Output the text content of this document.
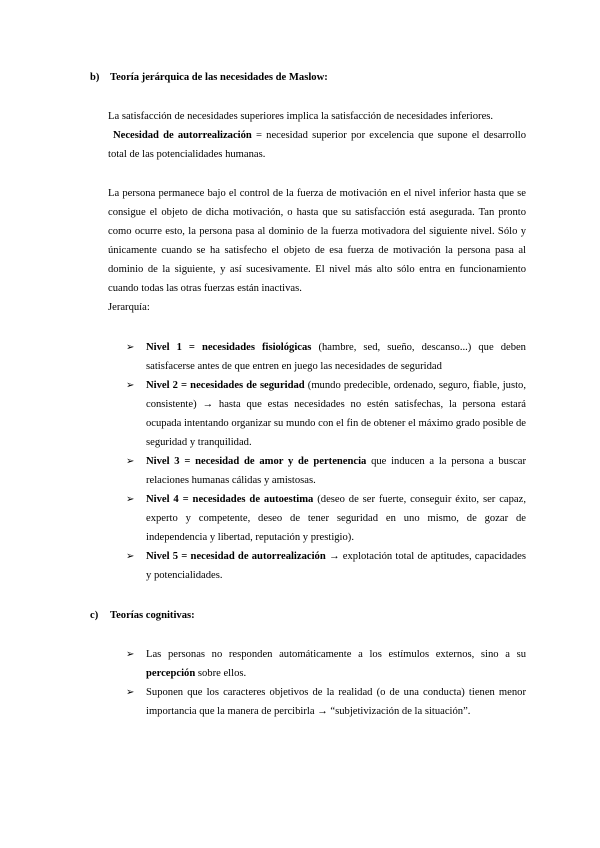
b) Teoría jerárquica de las necesidades de Maslow:

La satisfacción de necesidades superiores implica la satisfacción de necesidades inferiores.

Necesidad de autorrealización = necesidad superior por excelencia que supone el desarrollo total de las potencialidades humanas.

La persona permanece bajo el control de la fuerza de motivación en el nivel inferior hasta que se consigue el objeto de dicha motivación, o hasta que su satisfacción está asegurada. Tan pronto como ocurre esto, la persona pasa al dominio de la fuerza motivadora del siguiente nivel. Sólo y únicamente cuando se ha satisfecho el objeto de esa fuerza de motivación la persona pasa al dominio de la siguiente, y así sucesivamente. El nivel más alto sólo entra en funcionamiento cuando todas las otras fuerzas están inactivas.

Jerarquía:

➢ Nivel 1 = necesidades fisiológicas (hambre, sed, sueño, descanso...) que deben satisfacerse antes de que entren en juego las necesidades de seguridad
➢ Nivel 2 = necesidades de seguridad (mundo predecible, ordenado, seguro, fiable, justo, consistente) → hasta que estas necesidades no estén satisfechas, la persona estará ocupada intentando organizar su mundo con el fin de obtener el máximo grado posible de seguridad y tranquilidad.
➢ Nivel 3 = necesidad de amor y de pertenencia que inducen a la persona a buscar relaciones humanas cálidas y amistosas.
➢ Nivel 4 = necesidades de autoestima (deseo de ser fuerte, conseguir éxito, ser capaz, experto y competente, deseo de tener seguridad en uno mismo, de gozar de independencia y libertad, reputación y prestigio).
➢ Nivel 5 = necesidad de autorrealización → explotación total de aptitudes, capacidades y potencialidades.
c) Teorías cognitivas:
➢ Las personas no responden automáticamente a los estímulos externos, sino a su percepción sobre ellos.
➢ Suponen que los caracteres objetivos de la realidad (o de una conducta) tienen menor importancia que la manera de percibirla → “subjetivización de la situación”.
